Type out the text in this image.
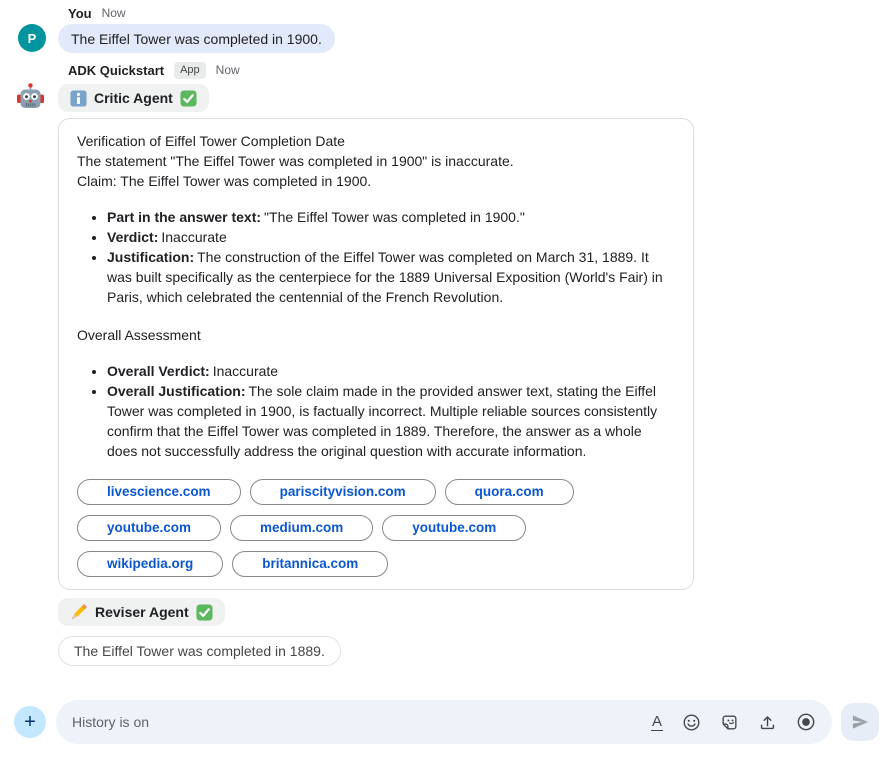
You Now
P	The Eiffel Tower was completed in 1900.
ADK Quickstart	App	Now
Critic Agent
Verification of Eiffel Tower Completion Date
The statement "The Eiffel Tower was completed in 1900" is inaccurate.
Claim: The Eiffel Tower was completed in 1900.
• Part in the answer text: "The Eiffel Tower was completed in 1900."
• Verdict: Inaccurate
• Justification: The construction of the Eiffel Tower was completed on March 31, 1889. It was built specifically as the centerpiece for the 1889 Universal Exposition (World's Fair) in Paris, which celebrated the centennial of the French Revolution.
Overall Assessment
• Overall Verdict: Inaccurate
• Overall Justification: The sole claim made in the provided answer text, stating the Eiffel Tower was completed in 1900, is factually incorrect. Multiple reliable sources consistently confirm that the Eiffel Tower was completed in 1889. Therefore, the answer as a whole does not successfully address the original question with accurate information.
livescience.com	pariscityvision.com	quora.com
youtube.com	medium.com	youtube.com
wikipedia.org	britannica.com
Reviser Agent
The Eiffel Tower was completed in 1889.
+
History is on	A
